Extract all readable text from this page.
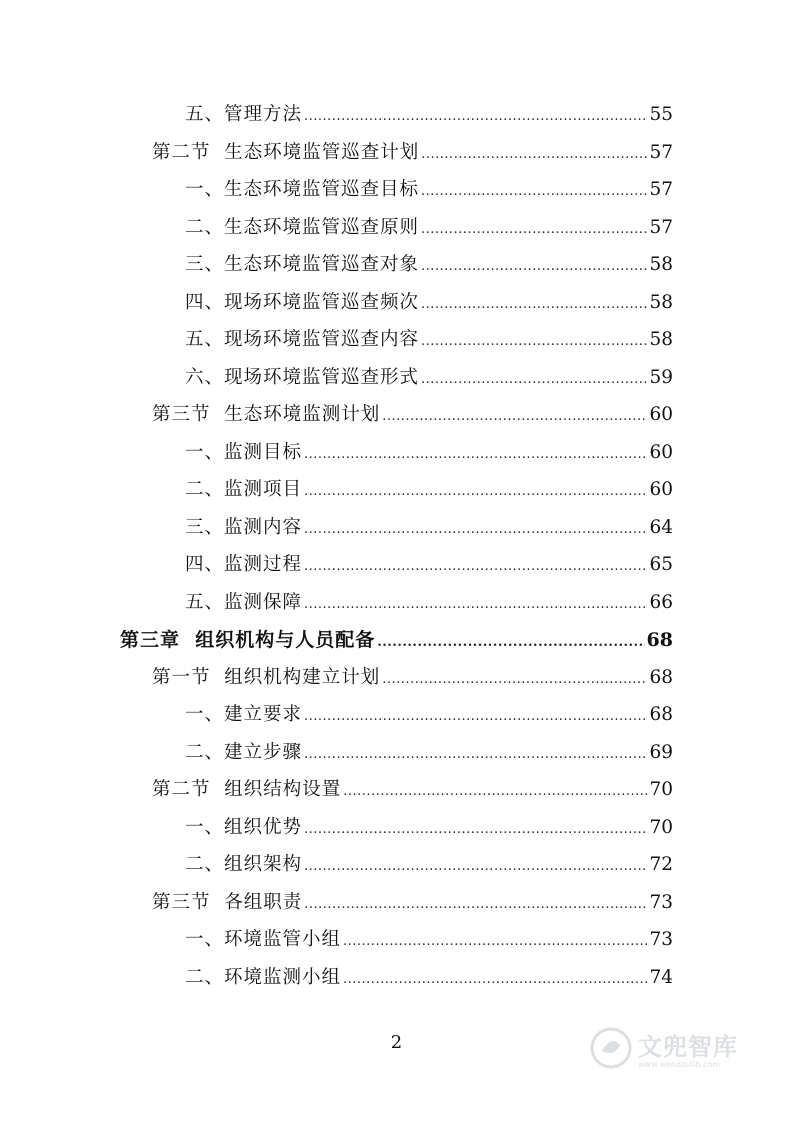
五、管理方法 .....	55
第二节  生态环境监管巡查计划 .....	57
一、生态环境监管巡查目标 .....	57
二、生态环境监管巡查原则 .....	57
三、生态环境监管巡查对象 .....	58
四、现场环境监管巡查频次 .....	58
五、现场环境监管巡查内容 .....	58
六、现场环境监管巡查形式 .....	59
第三节  生态环境监测计划 .....	60
一、监测目标 .....	60
二、监测项目 .....	60
三、监测内容 .....	64
四、监测过程 .....	65
五、监测保障 .....	66
第三章  组织机构与人员配备 .....	68
第一节  组织机构建立计划 .....	68
一、建立要求 .....	68
二、建立步骤 .....	69
第二节  组织结构设置 .....	70
一、组织优势 .....	70
二、组织架构 .....	72
第三节  各组职责 .....	73
一、环境监管小组 .....	73
二、环境监测小组 .....	74
2	文兜智库
www.wendoulib.com
